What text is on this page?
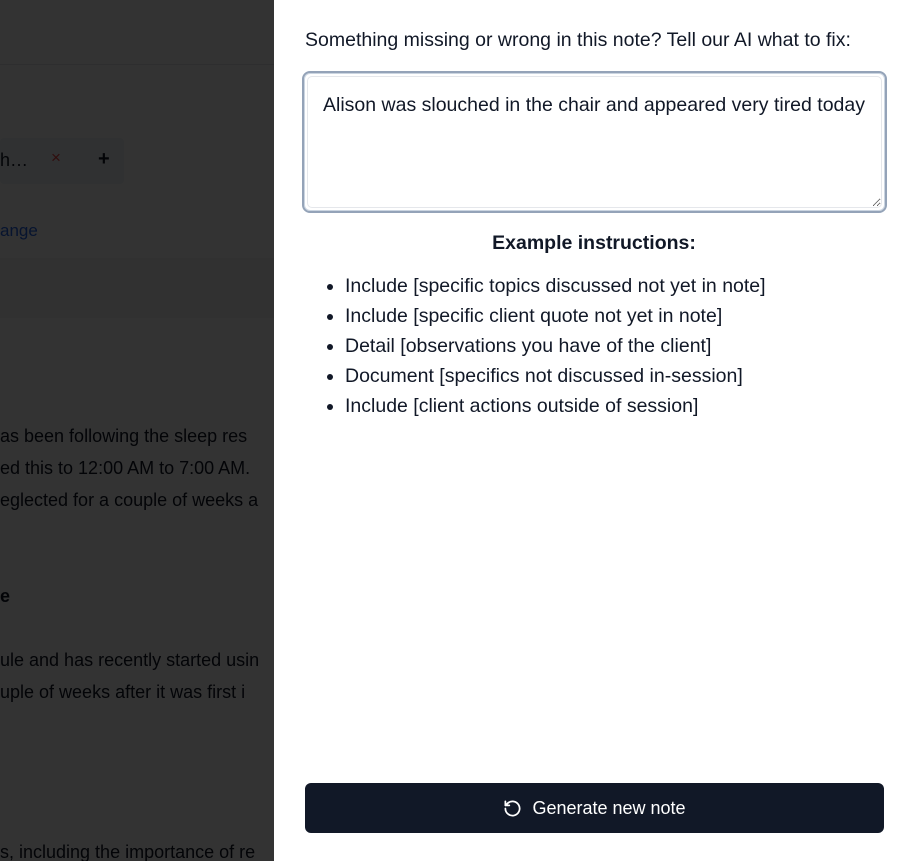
Something missing or wrong in this note? Tell our AI what to fix:
Alison was slouched in the chair and appeared very tired today
Example instructions:
• Include [specific topics discussed not yet in note]
• Include [specific client quote not yet in note]
• Detail [observations you have of the client]
• Document [specifics not discussed in-session]
• Include [client actions outside of session]
Generate new note
